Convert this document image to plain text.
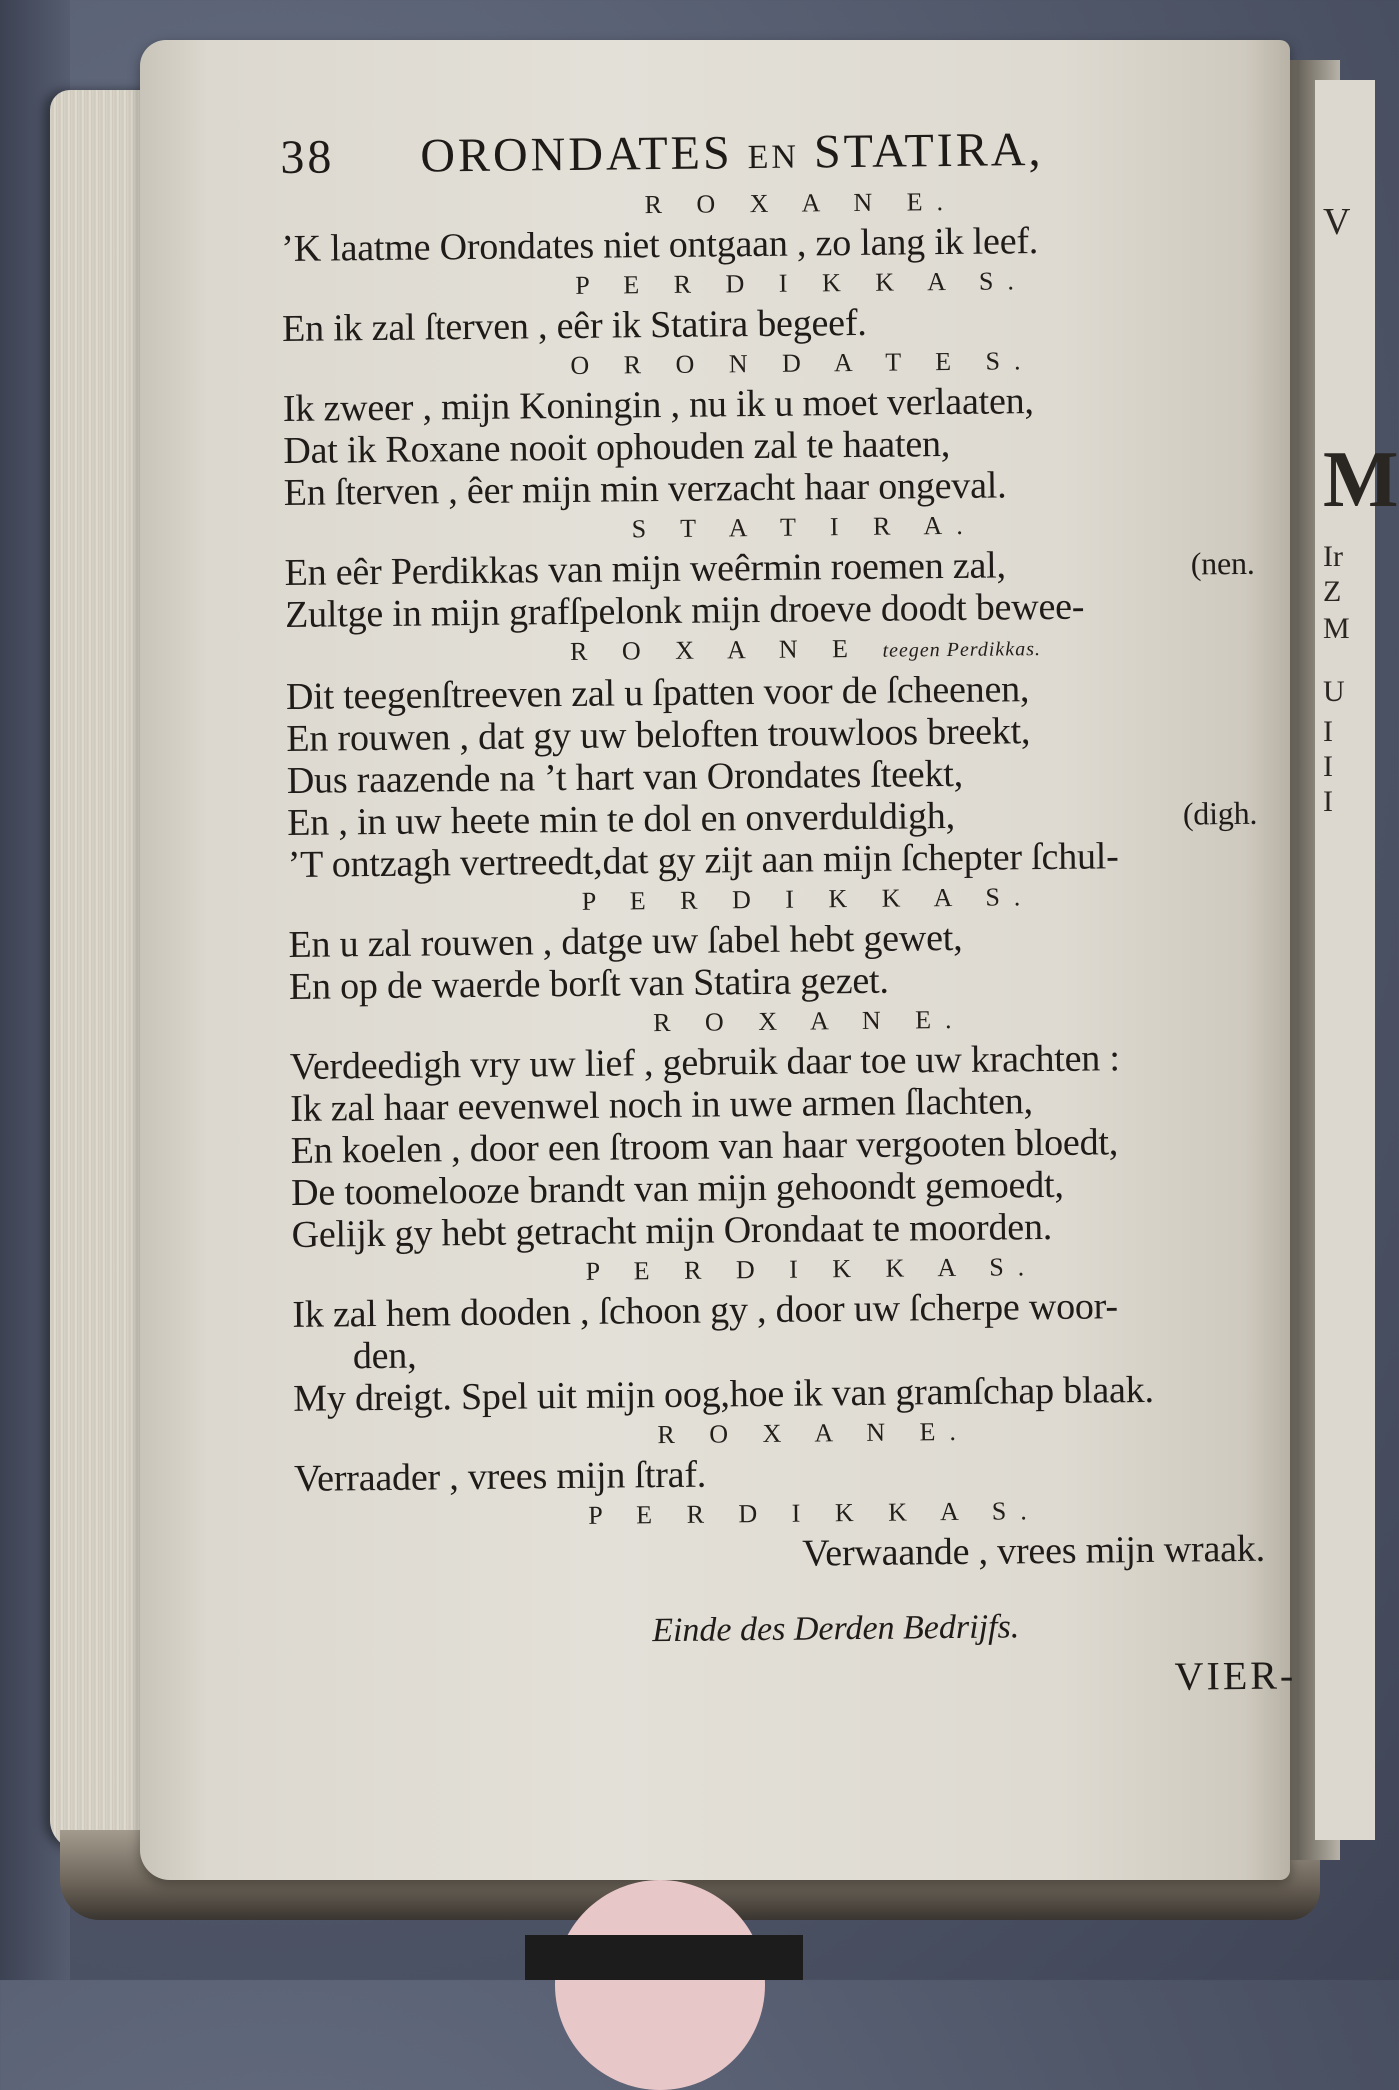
V
M
Ir
Z
M
U
I
I
I
38 ORONDATES en STATIRA,
R O X A N E.
’K laatme Orondates niet ontgaan , zo lang ik leef.
P E R D I K K A S.
En ik zal ſterven , eêr ik Statira begeef.
O R O N D A T E S.
Ik zweer , mijn Koningin , nu ik u moet verlaaten,
Dat ik Roxane nooit ophouden zal te haaten,
En ſterven , êer mijn min verzacht haar ongeval.
S T A T I R A.
En eêr Perdikkas van mijn weêrmin roemen zal,	(nen.
Zultge in mijn grafſpelonk mijn droeve doodt bewee-
R O X A N E teegen Perdikkas.
Dit teegenſtreeven zal u ſpatten voor de ſcheenen,
En rouwen , dat gy uw beloften trouwloos breekt,
Dus raazende na ’t hart van Orondates ſteekt,
En , in uw heete min te dol en onverduldigh,	(digh.
’T ontzagh vertreedt,dat gy zijt aan mijn ſchepter ſchul-
P E R D I K K A S.
En u zal rouwen , datge uw ſabel hebt gewet,
En op de waerde borſt van Statira gezet.
R O X A N E.
Verdeedigh vry uw lief , gebruik daar toe uw krachten :
Ik zal haar eevenwel noch in uwe armen ſlachten,
En koelen , door een ſtroom van haar vergooten bloedt,
De toomelooze brandt van mijn gehoondt gemoedt,
Gelijk gy hebt getracht mijn Orondaat te moorden.
P E R D I K K A S.
Ik zal hem dooden , ſchoon gy , door uw ſcherpe woor-
den,
My dreigt. Spel uit mijn oog,hoe ik van gramſchap blaak.
R O X A N E.
Verraader , vrees mijn ſtraf.
P E R D I K K A S.
Verwaande , vrees mijn wraak.
Einde des Derden Bedrijfs.
VIER-
